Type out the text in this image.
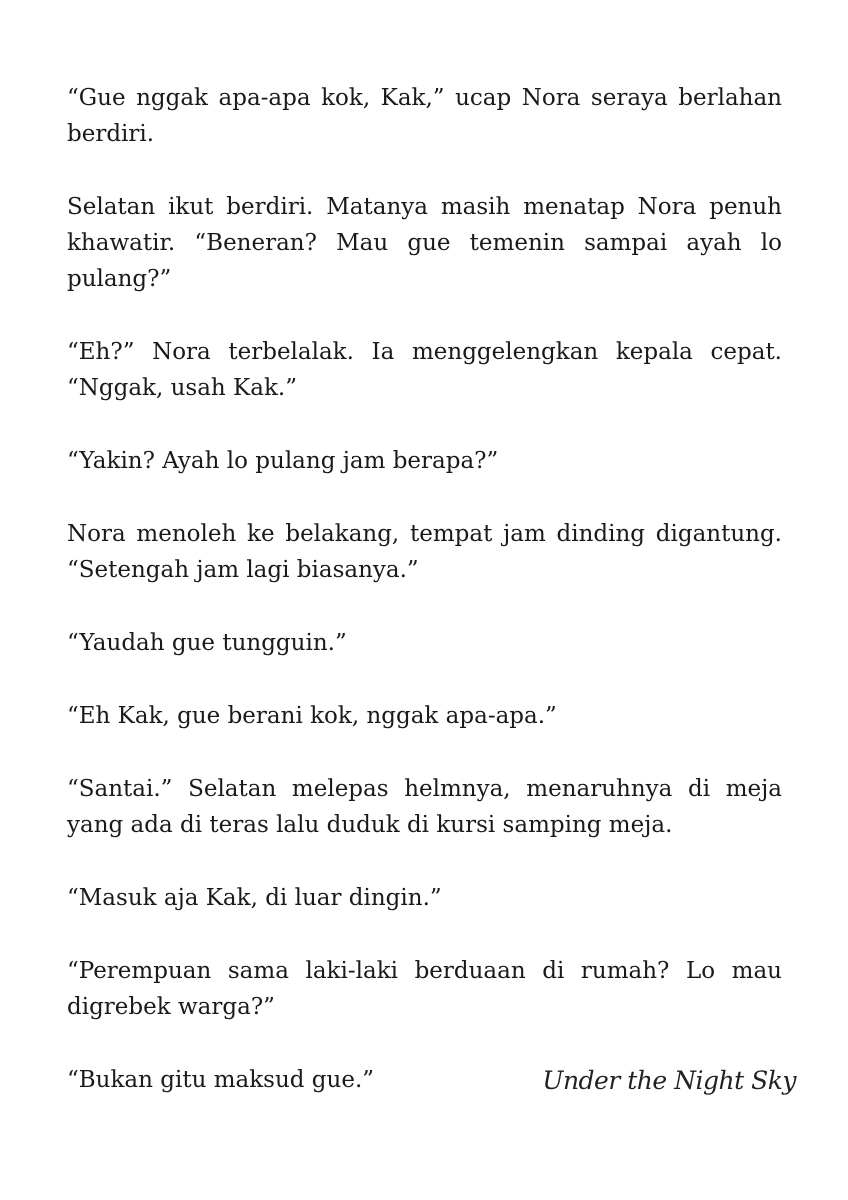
“Gue nggak apa-apa kok, Kak,” ucap Nora seraya berlahan berdiri.

Selatan ikut berdiri. Matanya masih menatap Nora penuh khawatir. “Beneran? Mau gue temenin sampai ayah lo pulang?”

“Eh?” Nora terbelalak. Ia menggelengkan kepala cepat. “Nggak, usah Kak.”

“Yakin? Ayah lo pulang jam berapa?”

Nora menoleh ke belakang, tempat jam dinding digantung. “Setengah jam lagi biasanya.”

“Yaudah gue tungguin.”

“Eh Kak, gue berani kok, nggak apa-apa.”

“Santai.” Selatan melepas helmnya, menaruhnya di meja yang ada di teras lalu duduk di kursi samping meja.

“Masuk aja Kak, di luar dingin.”

“Perempuan sama laki-laki berduaan di rumah? Lo mau digrebek warga?”

“Bukan gitu maksud gue.”	Under the Night Sky
